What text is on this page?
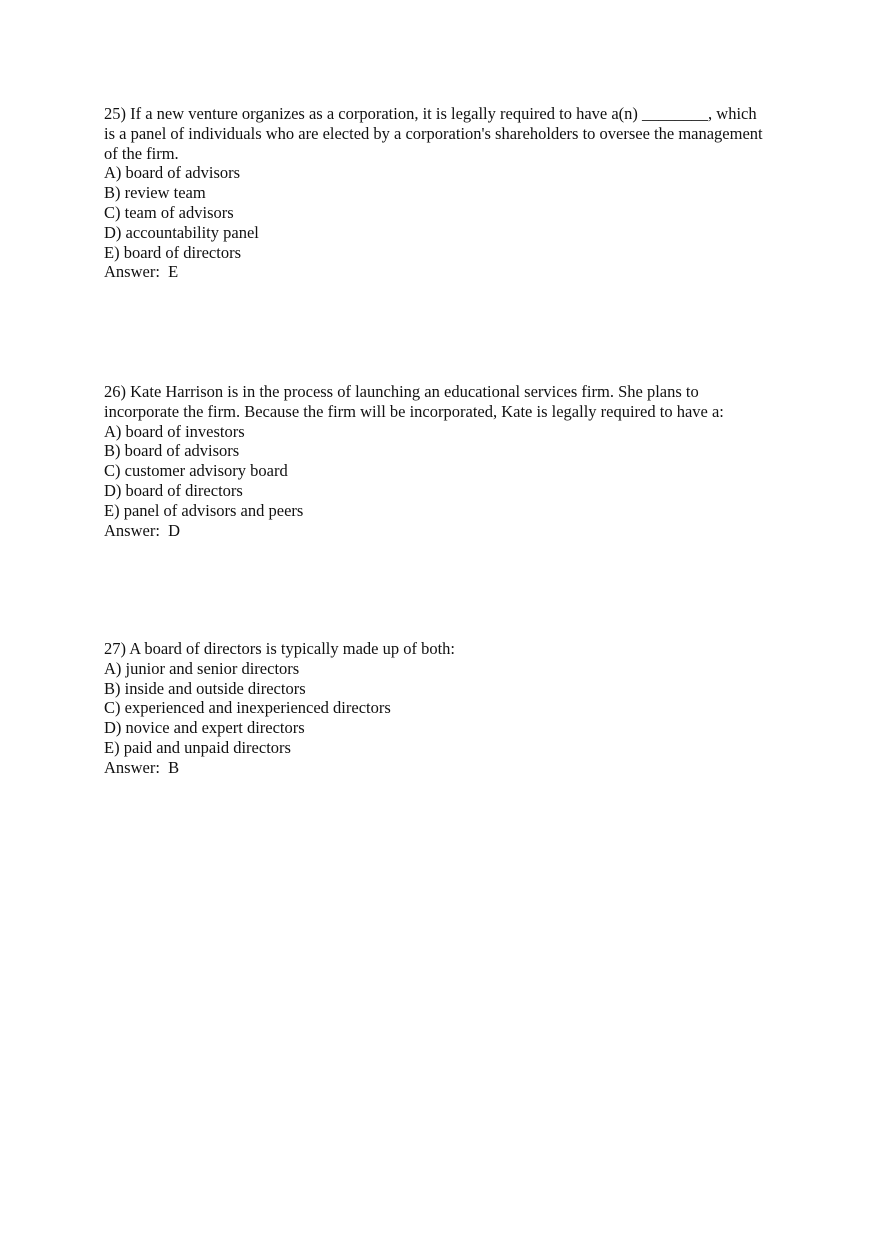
25) If a new venture organizes as a corporation, it is legally required to have a(n) ________, which is a panel of individuals who are elected by a corporation's shareholders to oversee the management of the firm.
A) board of advisors
B) review team
C) team of advisors
D) accountability panel
E) board of directors
Answer:  E
26) Kate Harrison is in the process of launching an educational services firm. She plans to incorporate the firm. Because the firm will be incorporated, Kate is legally required to have a:
A) board of investors
B) board of advisors
C) customer advisory board
D) board of directors
E) panel of advisors and peers
Answer:  D
27) A board of directors is typically made up of both:
A) junior and senior directors
B) inside and outside directors
C) experienced and inexperienced directors
D) novice and expert directors
E) paid and unpaid directors
Answer:  B
